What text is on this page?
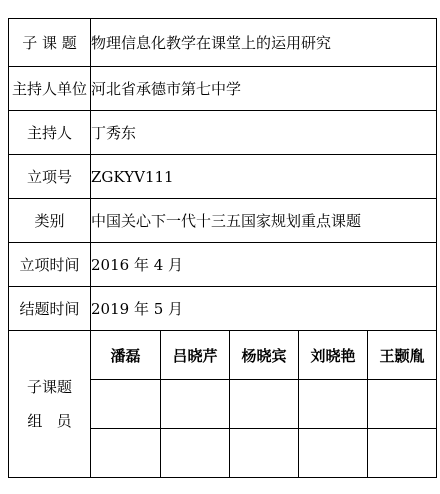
子 课 题	物理信息化教学在课堂上的运用研究				
主持人单位	河北省承德市第七中学				
主持人	丁秀东				
立项号	ZGKYV111				
类别	中国关心下一代十三五国家规划重点课题				
立项时间	2016 年 4 月				
结题时间	2019 年 5 月				

子课题
组   员	潘磊	吕晓芹	杨晓宾	刘晓艳	王颢胤
